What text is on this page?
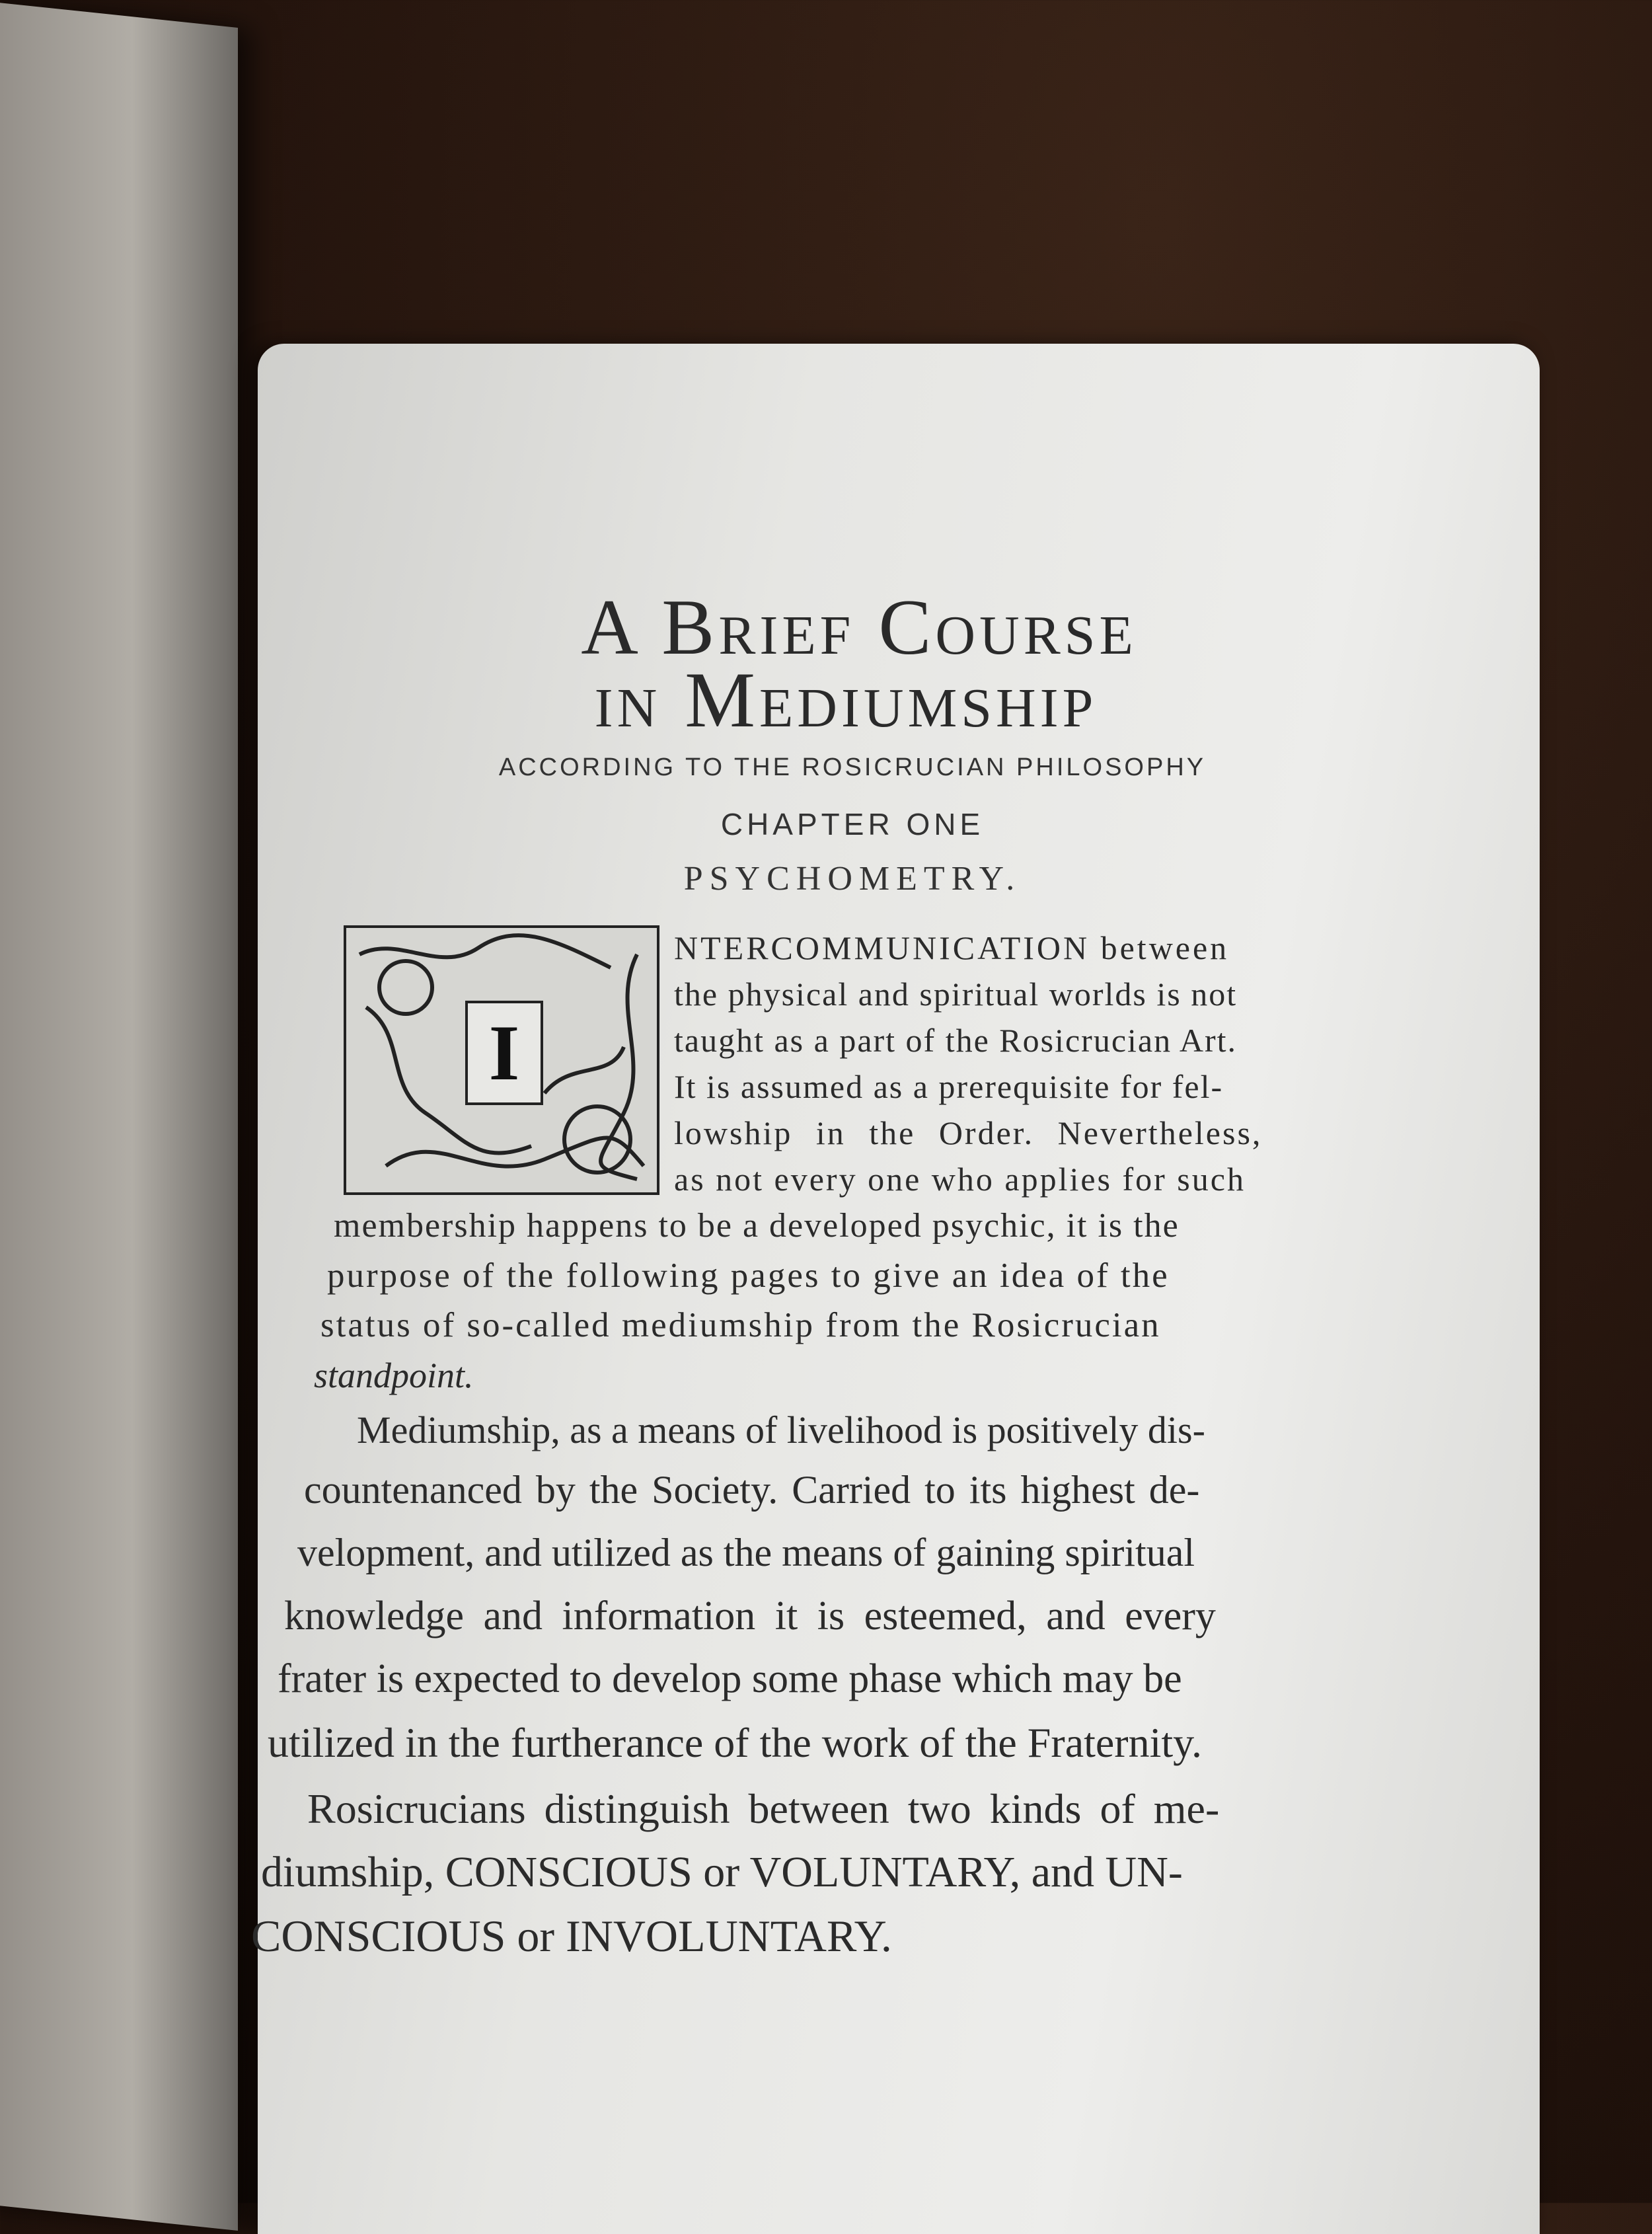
A Brief Course
in Mediumship
ACCORDING TO THE ROSICRUCIAN PHILOSOPHY
CHAPTER ONE
PSYCHOMETRY.
I
NTERCOMMUNICATION between
the physical and spiritual worlds is not
taught as a part of the Rosicrucian Art.
It is assumed as a prerequisite for fel-
lowship in the Order. Nevertheless,
as not every one who applies for such
membership happens to be a developed psychic, it is the
purpose of the following pages to give an idea of the
status of so-called mediumship from the Rosicrucian
standpoint.
Mediumship, as a means of livelihood is positively dis-
countenanced by the Society. Carried to its highest de-
velopment, and utilized as the means of gaining spiritual
knowledge and information it is esteemed, and every
frater is expected to develop some phase which may be
utilized in the furtherance of the work of the Fraternity.
Rosicrucians distinguish between two kinds of me-
diumship, CONSCIOUS or VOLUNTARY, and UN-
CONSCIOUS or INVOLUNTARY.
